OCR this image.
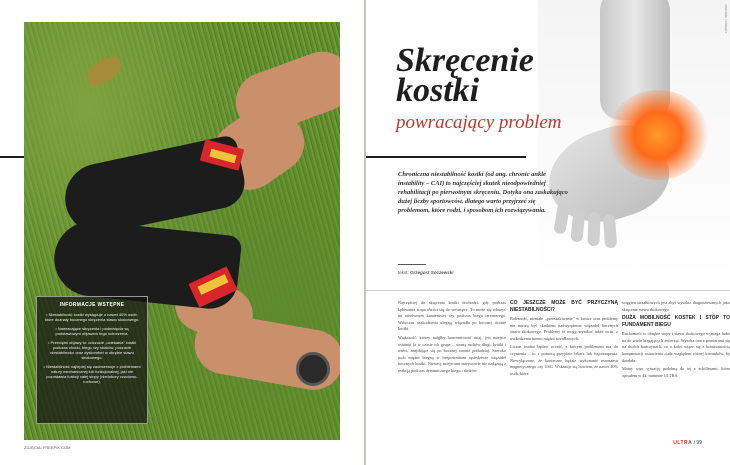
INFORMACJE WSTĘPNE

• Niestabilność kostki występuje u nawet 40% osób, które doznały bocznego skręcenia stawu skokowego.

• Nawracające skręcenia i podwinięcia są podstawowym objawem tego schorzenia.

• Przeciętni objawy to: odczucie „uciekania” kostki podczas chodu, biegu czy skoków, poczucie niestabilności oraz dyskomfort w obrębie stawu skokowego.

• Niestabilność najlepiej się zaobserwuje z problemami natury mechanicznej lub funkcjonalnej, jaki nie pozostawia funkcji całej stopy (niedobory czuciowo-ruchowe).

ZDJĘCIA: FREEPIK.COM
ZDROWIE / PORADY
Skręcenie
kostki
powracający problem
Chroniczna niestabilność kostki (od ang. chronic ankle instability – CAI) to najczęściej skutek nieodpowiedniej rehabilitacji po pierwotnym skręceniu. Dotyka ona zaskakująco dużej liczby sportowców, dlatego warto przyjrzeć się problemom, które rodzi, i sposobom ich rozwiązywania.
tekst: Grzegorz Soczewski

Najczęściej do skręcenia kostki dochodzi, gdy podczas lądowania stopa obróci się do wewnątrz. To może się zdarzyć na nierównym kamienistej czy podczas biegu terenowego. Wówczas uszkodzeniu ulegają więzadła po bocznej stronie kostki.

Większość, którzy mógłby koncentrować tutaj, jest miejsce ostatnio (a w czasie ich grupa – stroną ruchów długi, krótki i trzeci, znajdujące się po bocznej stronie podudzia). Szeroko ruch mięśni biegną w bezpośrednim sąsiedztwie więzadeł bocznych kostki. Niestety miejscami miejscowie nie nadążają z reakcją podczas dynamicznego biegu i skoków.

CO JESZCZE MOŻE BYĆ PRZYCZYNĄ NIESTABILNOŚCI?

Bolesność, niemałe „przeskakiwanie” w kostce oraz problemy nie muszą być skutkiem nadwyrężenia więzadeł bocznych stawu skokowego. Problemy te mogą wynikać także m.in. z uszkodzenia trzonu mięśni strzałkowych.

Liczne trudno będzie ocenić, z którym problemem ma do czynienia – to z pomocą przyjdzie lekarz lub fizjoterapeuta. Niewyłączone, że konieczne będzie wykonanie rezonansu magnetycznego czy USG. Wskazuje się bowiem, że nawet 40% osób, które

ścięgien strzałkowych jest zbyt wysokie diagnozowanych jako skręcenie stawu skokowego.

DUŻA MOBILNOŚĆ KOSTEK I STÓP TO FUNDAMENT BIEGU

Ruchomość w obrębie stopy i stawu skokowego wymaga ludzi na do wielu biegających zwierząt. Wysoka ona z pomiarami się na dwóch kończynach, co z kolei wiąże się z koniecznością kompensacji ustawienia ciała względem różnej kierunków, by działała.

Mamy więc sytuację podobną do tej z achillesami, która opisałem w 42. numerze ULTRA

ULTRA / 99
